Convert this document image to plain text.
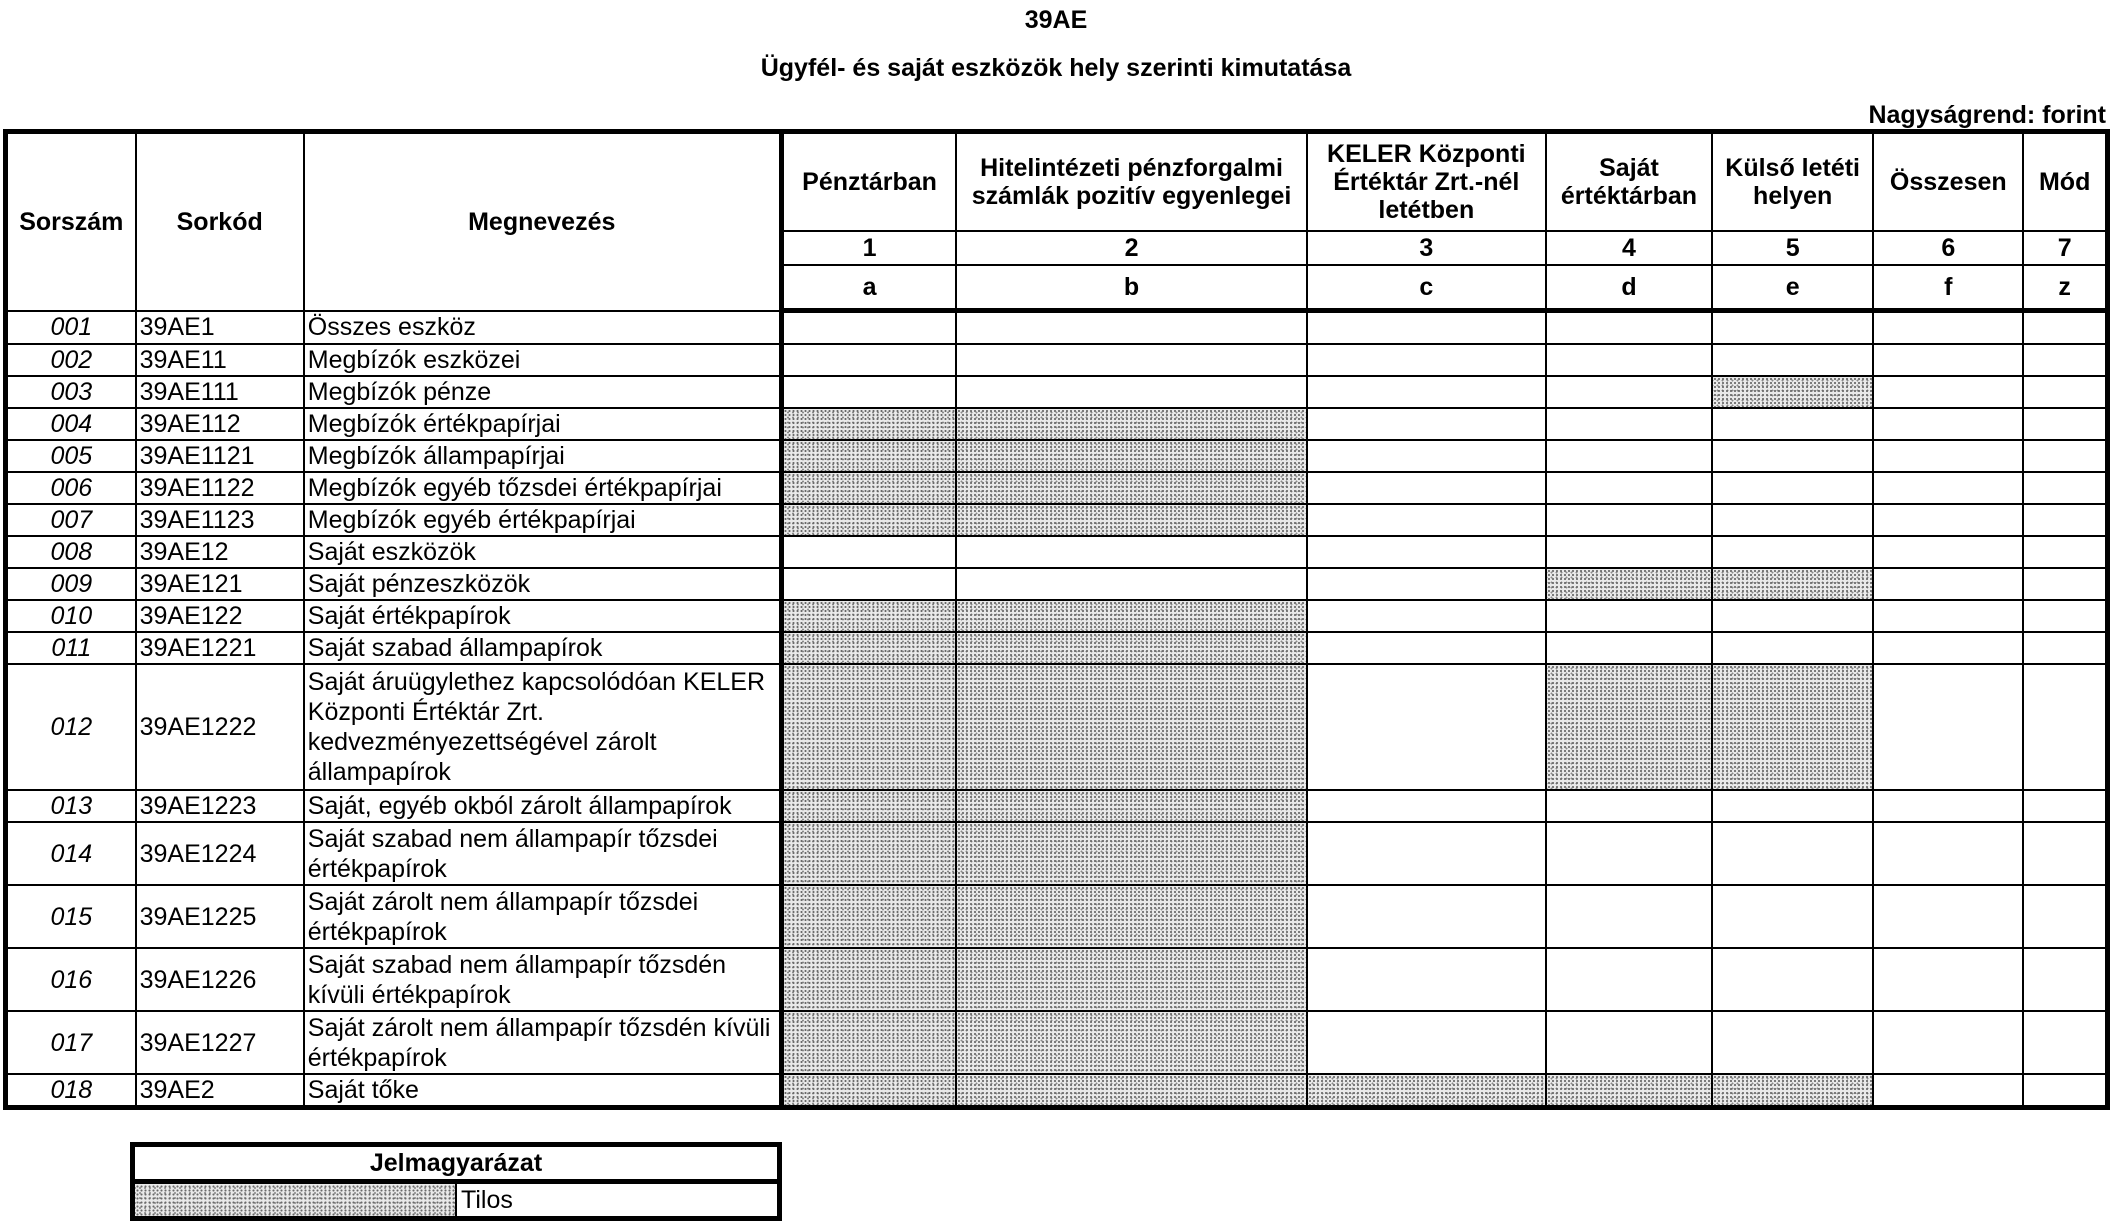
39AE
Ügyfél- és saját eszközök hely szerinti kimutatása
Nagyságrend: forint
Sorszám	Sorkód	Megnevezés	Pénztárban	Hitelintézeti pénzforgalmi számlák pozitív egyenlegei	KELER Központi Értéktár Zrt.-nél letétben	Saját értéktárban	Külső letéti helyen	Összesen	Mód
			1	2	3	4	5	6	7
			a	b	c	d	e	f	z
001	39AE1	Összes eszköz							
002	39AE11	Megbízók eszközei							
003	39AE111	Megbízók pénze							
004	39AE112	Megbízók értékpapírjai							
005	39AE1121	Megbízók állampapírjai							
006	39AE1122	Megbízók egyéb tőzsdei értékpapírjai							
007	39AE1123	Megbízók egyéb értékpapírjai							
008	39AE12	Saját eszközök							
009	39AE121	Saját pénzeszközök							
010	39AE122	Saját értékpapírok							
011	39AE1221	Saját szabad állampapírok							
012	39AE1222	Saját áruügylethez kapcsolódóan KELER Központi Értéktár Zrt. kedvezményezettségével zárolt állampapírok							
013	39AE1223	Saját, egyéb okból zárolt állampapírok							
014	39AE1224	Saját szabad nem állampapír tőzsdei értékpapírok							
015	39AE1225	Saját zárolt nem állampapír tőzsdei értékpapírok							
016	39AE1226	Saját szabad nem állampapír tőzsdén kívüli értékpapírok							
017	39AE1227	Saját zárolt nem állampapír tőzsdén kívüli értékpapírok							
018	39AE2	Saját tőke							
Jelmagyarázat
	Tilos
